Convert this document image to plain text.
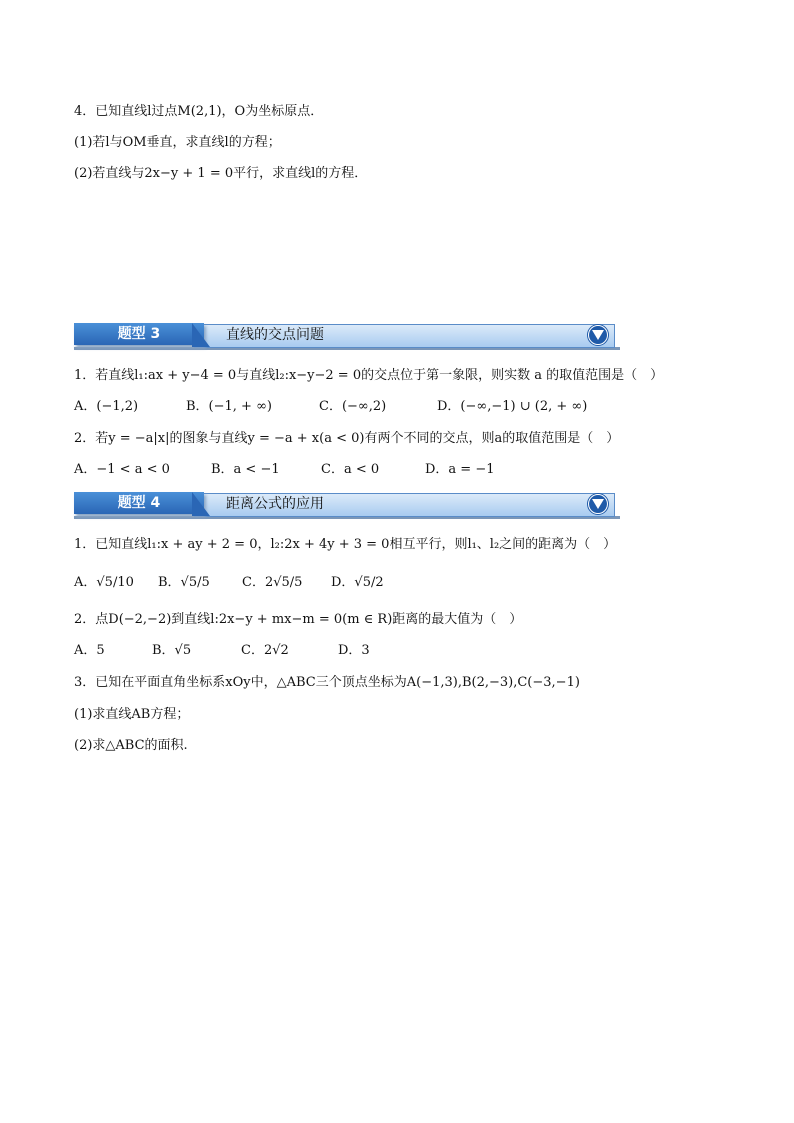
4．已知直线l过点M(2,1)，O为坐标原点．
(1)若l与OM垂直，求直线l的方程；
(2)若直线与2x−y + 1 = 0平行，求直线l的方程．
题型 3	直线的交点问题
1．若直线l₁:ax + y−4 = 0与直线l₂:x−y−2 = 0的交点位于第一象限，则实数 a 的取值范围是（　）
A．(−1,2)	B．(−1, + ∞)	C．(−∞,2)	D．(−∞,−1) ∪ (2, + ∞)
2．若y = −a|x|的图象与直线y = −a + x(a < 0)有两个不同的交点，则a的取值范围是（　）
A．−1 < a < 0	B．a < −1	C．a < 0	D．a = −1
题型 4	距离公式的应用
1．已知直线l₁:x + ay + 2 = 0，l₂:2x + 4y + 3 = 0相互平行，则l₁、l₂之间的距离为（　）
A．√5/10 B．√5/5 C．2√5/5 D．√5/2
2．点D(−2,−2)到直线l:2x−y + mx−m = 0(m ∈ R)距离的最大值为（　）
A．5	B．√5	C．2√2	D．3
3．已知在平面直角坐标系xOy中，△ABC三个顶点坐标为A(−1,3),B(2,−3),C(−3,−1)
(1)求直线AB方程；
(2)求△ABC的面积.
